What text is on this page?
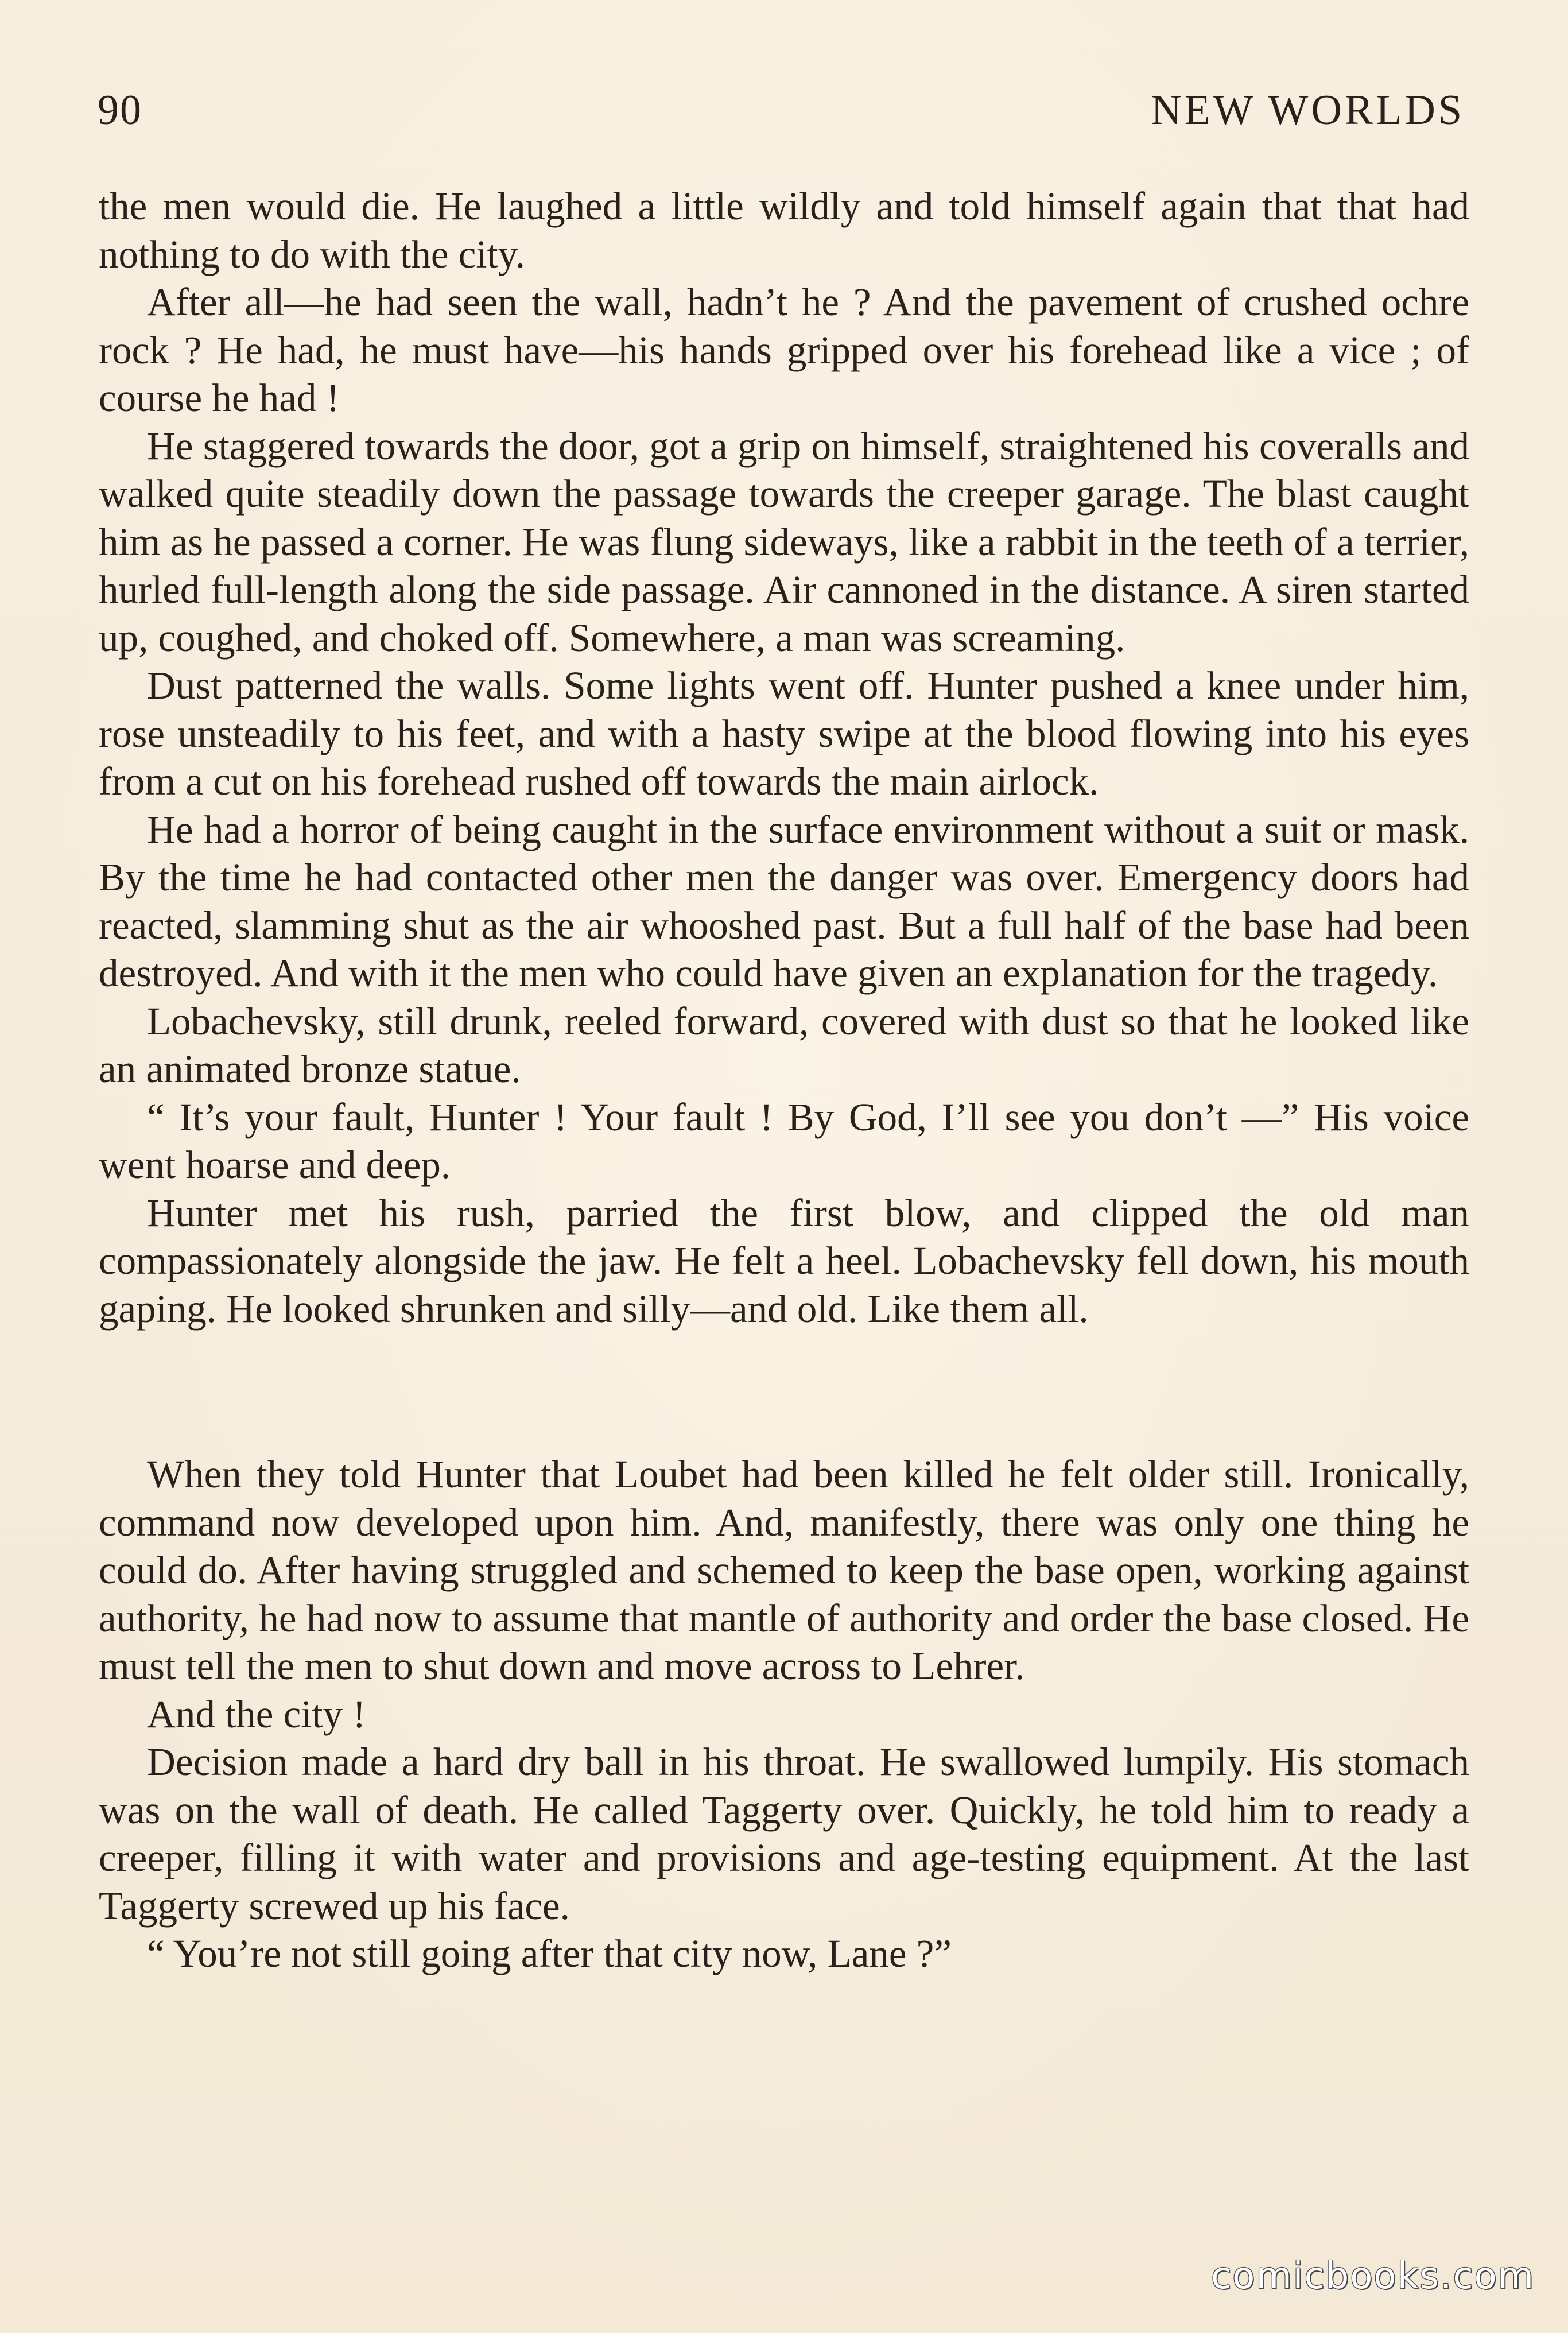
90	NEW WORLDS

the men would die. He laughed a little wildly and told himself again that that had nothing to do with the city.

After all—he had seen the wall, hadn’t he ? And the pavement of crushed ochre rock ? He had, he must have—his hands gripped over his forehead like a vice ; of course he had !

He staggered towards the door, got a grip on himself, straightened his coveralls and walked quite steadily down the passage towards the creeper garage. The blast caught him as he passed a corner. He was flung sideways, like a rabbit in the teeth of a terrier, hurled full-length along the side passage. Air cannoned in the distance. A siren started up, coughed, and choked off. Somewhere, a man was screaming.

Dust patterned the walls. Some lights went off. Hunter pushed a knee under him, rose unsteadily to his feet, and with a hasty swipe at the blood flowing into his eyes from a cut on his forehead rushed off towards the main airlock.

He had a horror of being caught in the surface environment without a suit or mask. By the time he had contacted other men the danger was over. Emergency doors had reacted, slamming shut as the air whooshed past. But a full half of the base had been destroyed. And with it the men who could have given an explanation for the tragedy.

Lobachevsky, still drunk, reeled forward, covered with dust so that he looked like an animated bronze statue.

“ It’s your fault, Hunter ! Your fault ! By God, I’ll see you don’t —” His voice went hoarse and deep.

Hunter met his rush, parried the first blow, and clipped the old man compassionately alongside the jaw. He felt a heel. Lobachevsky fell down, his mouth gaping. He looked shrunken and silly—and old. Like them all.

When they told Hunter that Loubet had been killed he felt older still. Ironically, command now developed upon him. And, manifestly, there was only one thing he could do. After having struggled and schemed to keep the base open, working against authority, he had now to assume that mantle of authority and order the base closed. He must tell the men to shut down and move across to Lehrer.

And the city !

Decision made a hard dry ball in his throat. He swallowed lumpily. His stomach was on the wall of death. He called Taggerty over. Quickly, he told him to ready a creeper, filling it with water and provisions and age-testing equipment. At the last Taggerty screwed up his face.

“ You’re not still going after that city now, Lane ?”

comicbooks.com
